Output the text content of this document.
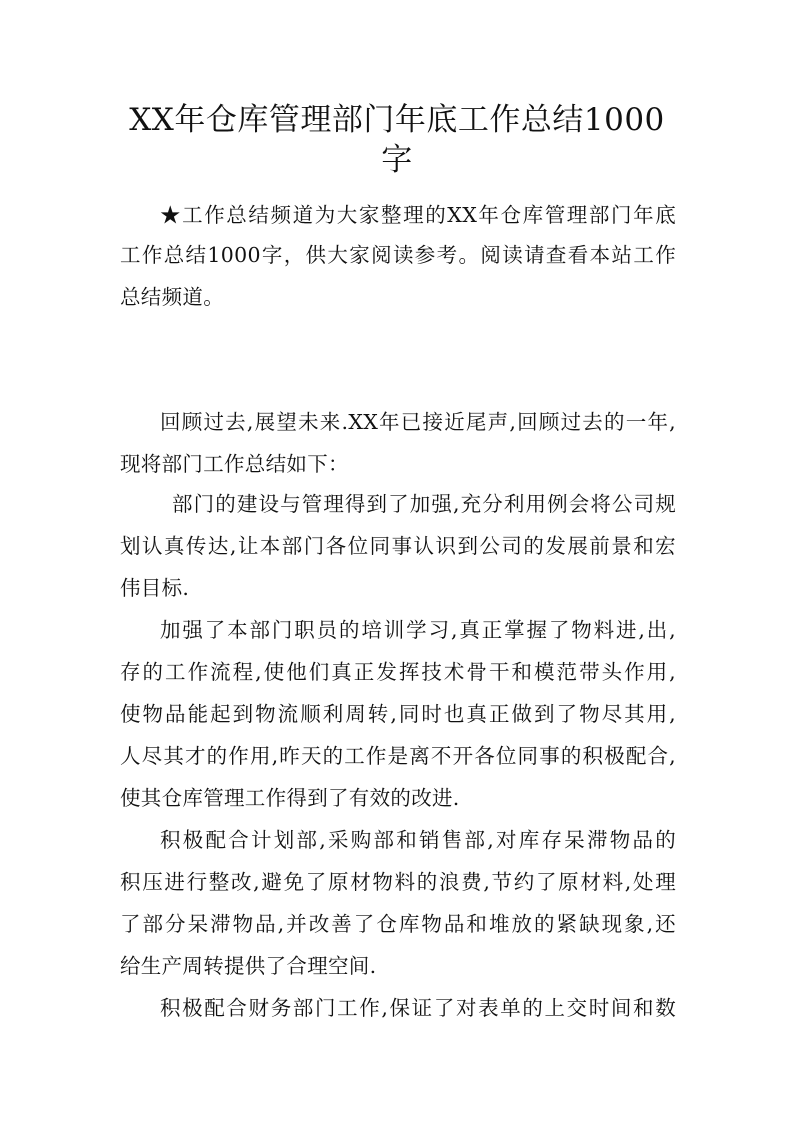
XX年仓库管理部门年底工作总结1000
字
★工作总结频道为大家整理的XX年仓库管理部门年底
工作总结1000字，供大家阅读参考。阅读请查看本站工作
总结频道。
回顾过去,展望未来.XX年已接近尾声,回顾过去的一年,
现将部门工作总结如下：
部门的建设与管理得到了加强,充分利用例会将公司规
划认真传达,让本部门各位同事认识到公司的发展前景和宏
伟目标.
加强了本部门职员的培训学习,真正掌握了物料进,出,
存的工作流程,使他们真正发挥技术骨干和模范带头作用,
使物品能起到物流顺利周转,同时也真正做到了物尽其用,
人尽其才的作用,昨天的工作是离不开各位同事的积极配合,
使其仓库管理工作得到了有效的改进.
积极配合计划部,采购部和销售部,对库存呆滞物品的
积压进行整改,避免了原材物料的浪费,节约了原材料,处理
了部分呆滞物品,并改善了仓库物品和堆放的紧缺现象,还
给生产周转提供了合理空间.
积极配合财务部门工作,保证了对表单的上交时间和数
